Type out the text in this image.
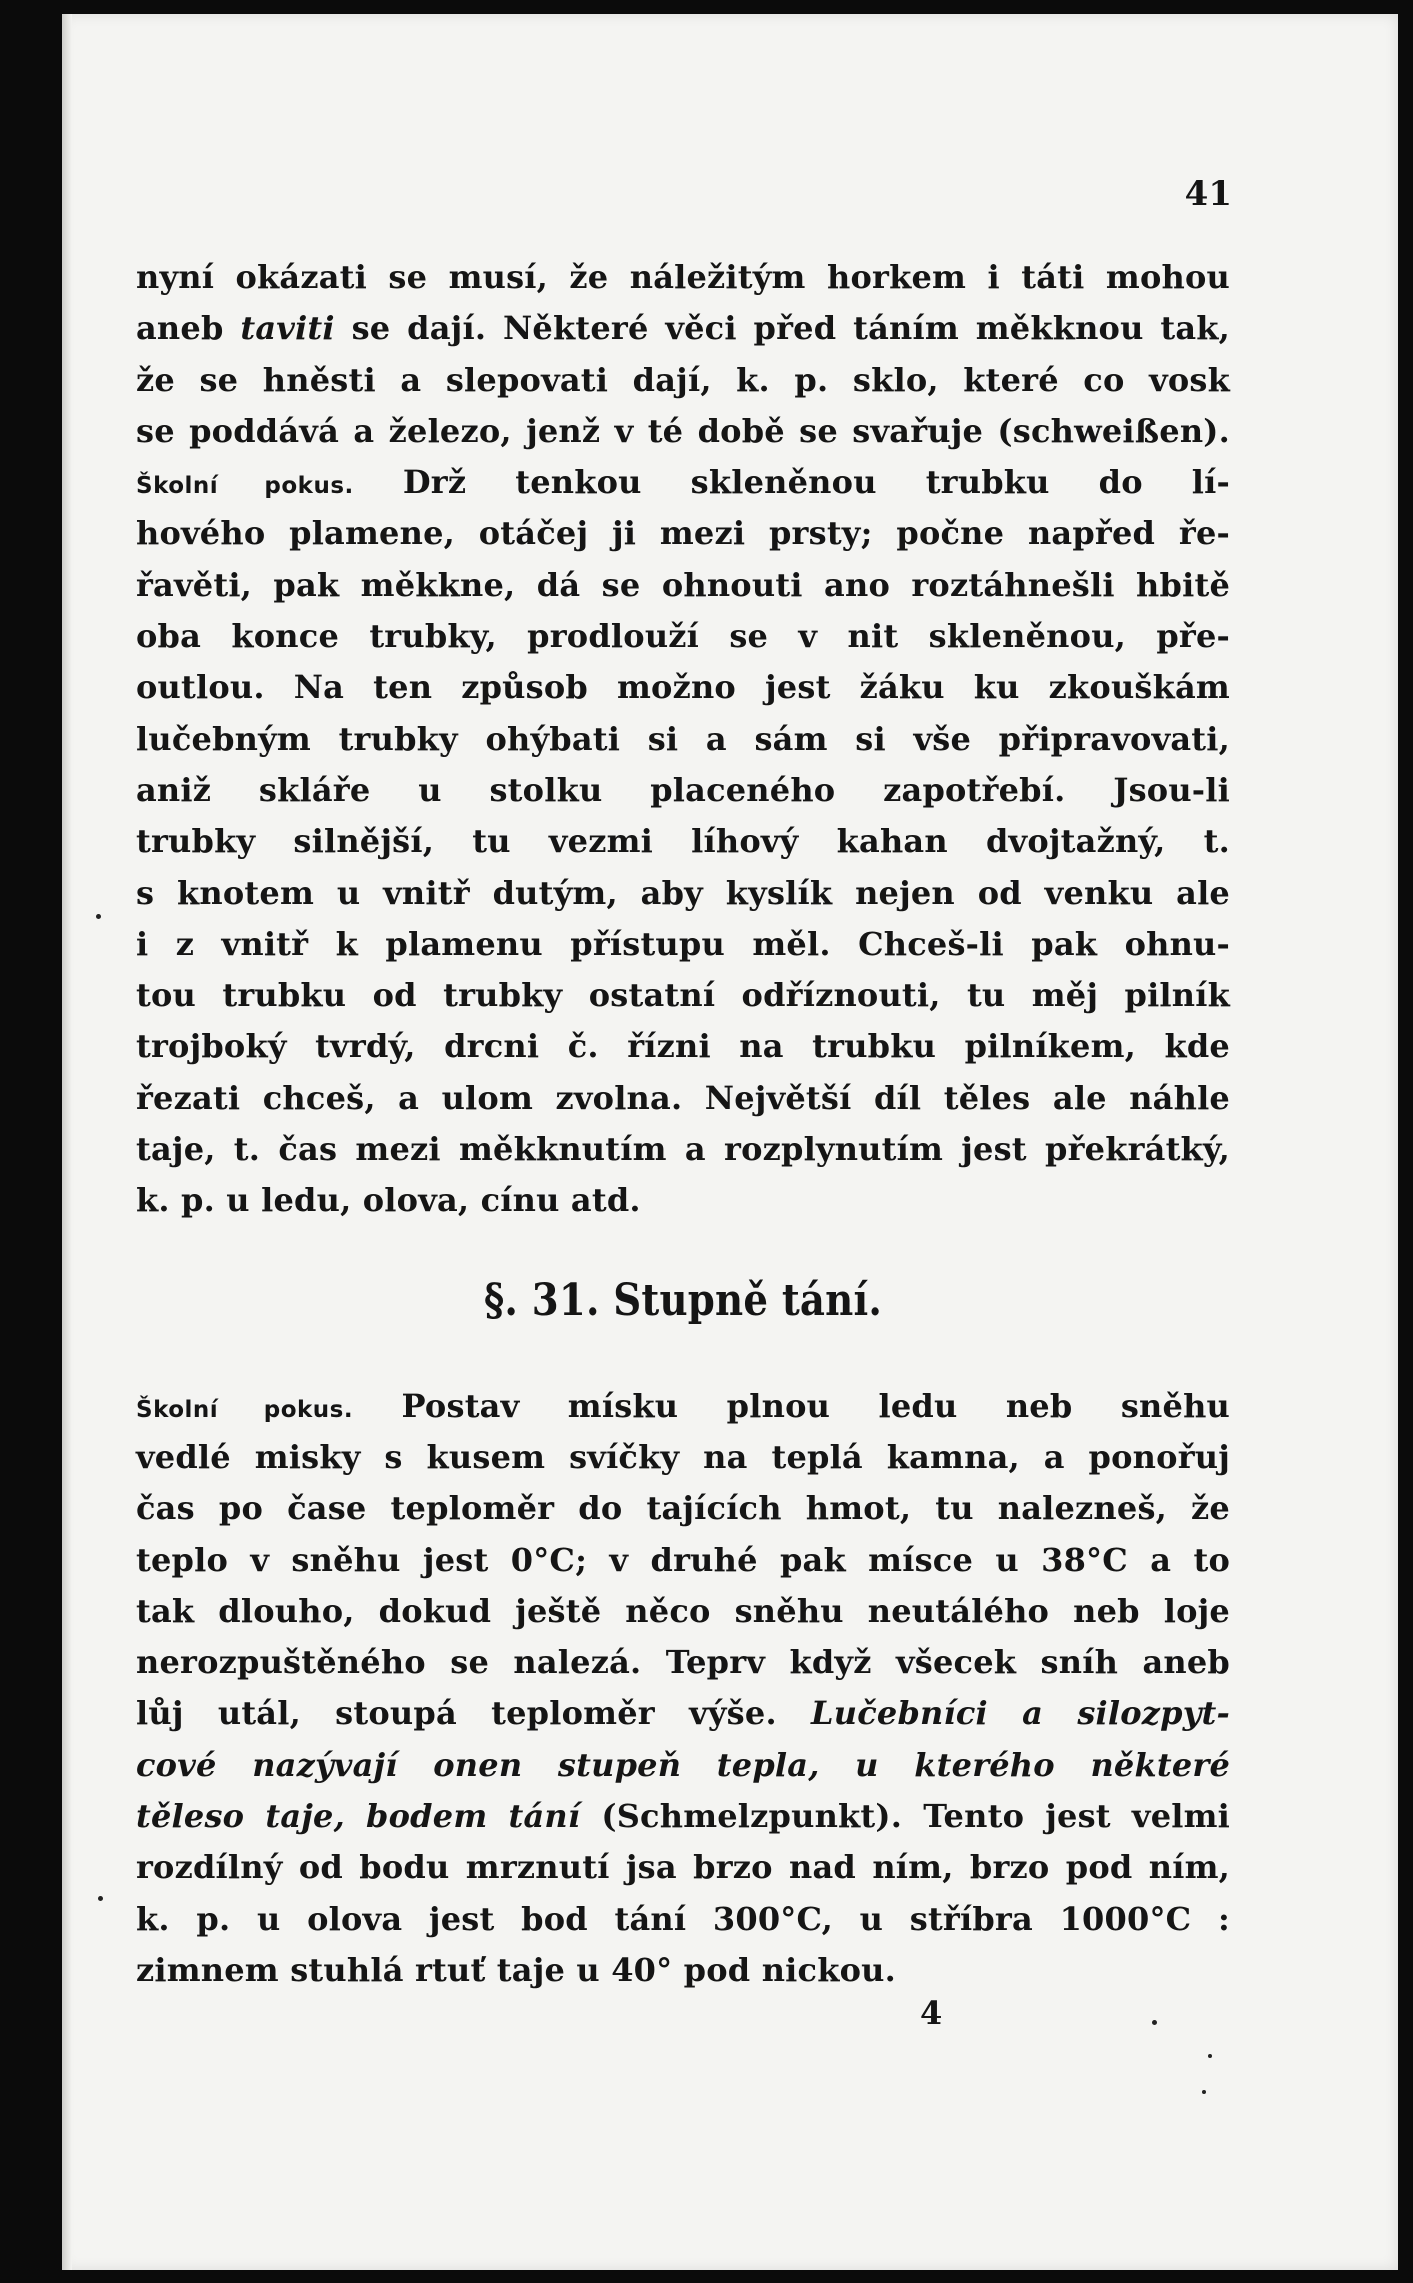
41
nyní okázati se musí, že náležitým horkem i táti mohou
aneb taviti se dají. Některé věci před táním měkknou tak,
že se hněsti a slepovati dají, k. p. sklo, které co vosk
se poddává a železo, jenž v té době se svařuje (schweißen).
Školní pokus. Drž tenkou skleněnou trubku do lí-
hového plamene, otáčej ji mezi prsty; počne napřed ře-
řavěti, pak měkkne, dá se ohnouti ano roztáhnešli hbitě
oba konce trubky, prodlouží se v nit skleněnou, pře-
outlou. Na ten způsob možno jest žáku ku zkouškám
lučebným trubky ohýbati si a sám si vše připravovati,
aniž skláře u stolku placeného zapotřebí. Jsou-li
trubky silnější, tu vezmi líhový kahan dvojtažný, t.
s knotem u vnitř dutým, aby kyslík nejen od venku ale
i z vnitř k plamenu přístupu měl. Chceš-li pak ohnu-
tou trubku od trubky ostatní odříznouti, tu měj pilník
trojboký tvrdý, drcni č. řízni na trubku pilníkem, kde
řezati chceš, a ulom zvolna. Největší díl těles ale náhle
taje, t. čas mezi měkknutím a rozplynutím jest překrátký,
k. p. u ledu, olova, cínu atd.
§. 31. Stupně tání.
Školní pokus. Postav mísku plnou ledu neb sněhu
vedlé misky s kusem svíčky na teplá kamna, a ponořuj
čas po čase teploměr do tajících hmot, tu nalezneš, že
teplo v sněhu jest 0°C; v druhé pak mísce u 38°C a to
tak dlouho, dokud ještě něco sněhu neutálého neb loje
nerozpuštěného se nalezá. Teprv když všecek sníh aneb
lůj utál, stoupá teploměr výše. Lučebníci a silozpyt-
cové nazývají onen stupeň tepla, u kterého některé
těleso taje, bodem tání (Schmelzpunkt). Tento jest velmi
rozdílný od bodu mrznutí jsa brzo nad ním, brzo pod ním,
k. p. u olova jest bod tání 300°C, u stříbra 1000°C :
zimnem stuhlá rtuť taje u 40° pod nickou.
4
